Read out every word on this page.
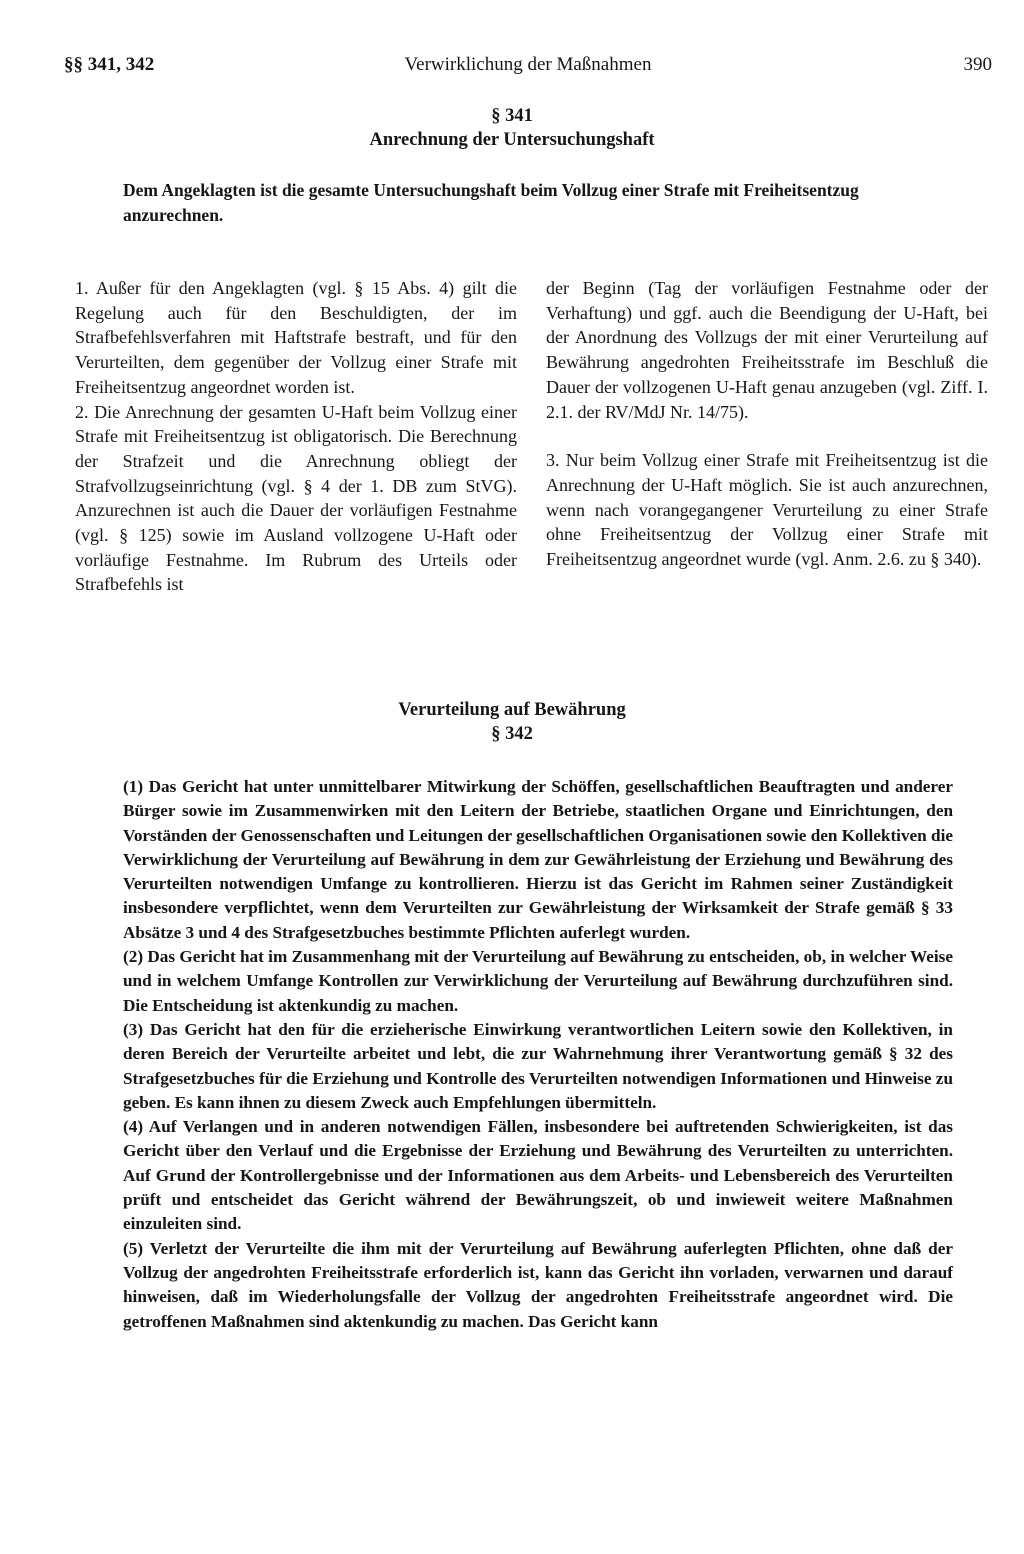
§§ 341, 342	Verwirklichung der Maßnahmen	390
§ 341
Anrechnung der Untersuchungshaft

Dem Angeklagten ist die gesamte Untersuchungshaft beim Vollzug einer Strafe mit Freiheitsentzug anzurechnen.

1. Außer für den Angeklagten (vgl. § 15 Abs. 4) gilt die Regelung auch für den Beschuldigten, der im Strafbefehlsverfahren mit Haftstrafe bestraft, und für den Verurteilten, dem gegenüber der Vollzug einer Strafe mit Freiheitsentzug angeordnet worden ist.

2. Die Anrechnung der gesamten U-Haft beim Vollzug einer Strafe mit Freiheitsentzug ist obligatorisch. Die Berechnung der Strafzeit und die Anrechnung obliegt der Strafvollzugseinrichtung (vgl. § 4 der 1. DB zum StVG). Anzurechnen ist auch die Dauer der vorläufigen Festnahme (vgl. § 125) sowie im Ausland vollzogene U-Haft oder vorläufige Festnahme. Im Rubrum des Urteils oder Strafbefehls ist

der Beginn (Tag der vorläufigen Festnahme oder der Verhaftung) und ggf. auch die Beendigung der U-Haft, bei der Anordnung des Vollzugs der mit einer Verurteilung auf Bewährung angedrohten Freiheitsstrafe im Beschluß die Dauer der vollzogenen U-Haft genau anzugeben (vgl. Ziff. I. 2.1. der RV/MdJ Nr. 14/75).

3. Nur beim Vollzug einer Strafe mit Freiheitsentzug ist die Anrechnung der U-Haft möglich. Sie ist auch anzurechnen, wenn nach vorangegangener Verurteilung zu einer Strafe ohne Freiheitsentzug der Vollzug einer Strafe mit Freiheitsentzug angeordnet wurde (vgl. Anm. 2.6. zu § 340).

Verurteilung auf Bewährung
§ 342

(1) Das Gericht hat unter unmittelbarer Mitwirkung der Schöffen, gesellschaftlichen Beauftragten und anderer Bürger sowie im Zusammenwirken mit den Leitern der Betriebe, staatlichen Organe und Einrichtungen, den Vorständen der Genossenschaften und Leitungen der gesellschaftlichen Organisationen sowie den Kollektiven die Verwirklichung der Verurteilung auf Bewährung in dem zur Gewährleistung der Erziehung und Bewährung des Verurteilten notwendigen Umfange zu kontrollieren. Hierzu ist das Gericht im Rahmen seiner Zuständigkeit insbesondere verpflichtet, wenn dem Verurteilten zur Gewährleistung der Wirksamkeit der Strafe gemäß § 33 Absätze 3 und 4 des Strafgesetzbuches bestimmte Pflichten auferlegt wurden.

(2) Das Gericht hat im Zusammenhang mit der Verurteilung auf Bewährung zu entscheiden, ob, in welcher Weise und in welchem Umfange Kontrollen zur Verwirklichung der Verurteilung auf Bewährung durchzuführen sind. Die Entscheidung ist aktenkundig zu machen.

(3) Das Gericht hat den für die erzieherische Einwirkung verantwortlichen Leitern sowie den Kollektiven, in deren Bereich der Verurteilte arbeitet und lebt, die zur Wahrnehmung ihrer Verantwortung gemäß § 32 des Strafgesetzbuches für die Erziehung und Kontrolle des Verurteilten notwendigen Informationen und Hinweise zu geben. Es kann ihnen zu diesem Zweck auch Empfehlungen übermitteln.

(4) Auf Verlangen und in anderen notwendigen Fällen, insbesondere bei auftretenden Schwierigkeiten, ist das Gericht über den Verlauf und die Ergebnisse der Erziehung und Bewährung des Verurteilten zu unterrichten. Auf Grund der Kontrollergebnisse und der Informationen aus dem Arbeits- und Lebensbereich des Verurteilten prüft und entscheidet das Gericht während der Bewährungszeit, ob und inwieweit weitere Maßnahmen einzuleiten sind.

(5) Verletzt der Verurteilte die ihm mit der Verurteilung auf Bewährung auferlegten Pflichten, ohne daß der Vollzug der angedrohten Freiheitsstrafe erforderlich ist, kann das Gericht ihn vorladen, verwarnen und darauf hinweisen, daß im Wiederholungsfalle der Vollzug der angedrohten Freiheitsstrafe angeordnet wird. Die getroffenen Maßnahmen sind aktenkundig zu machen. Das Gericht kann
